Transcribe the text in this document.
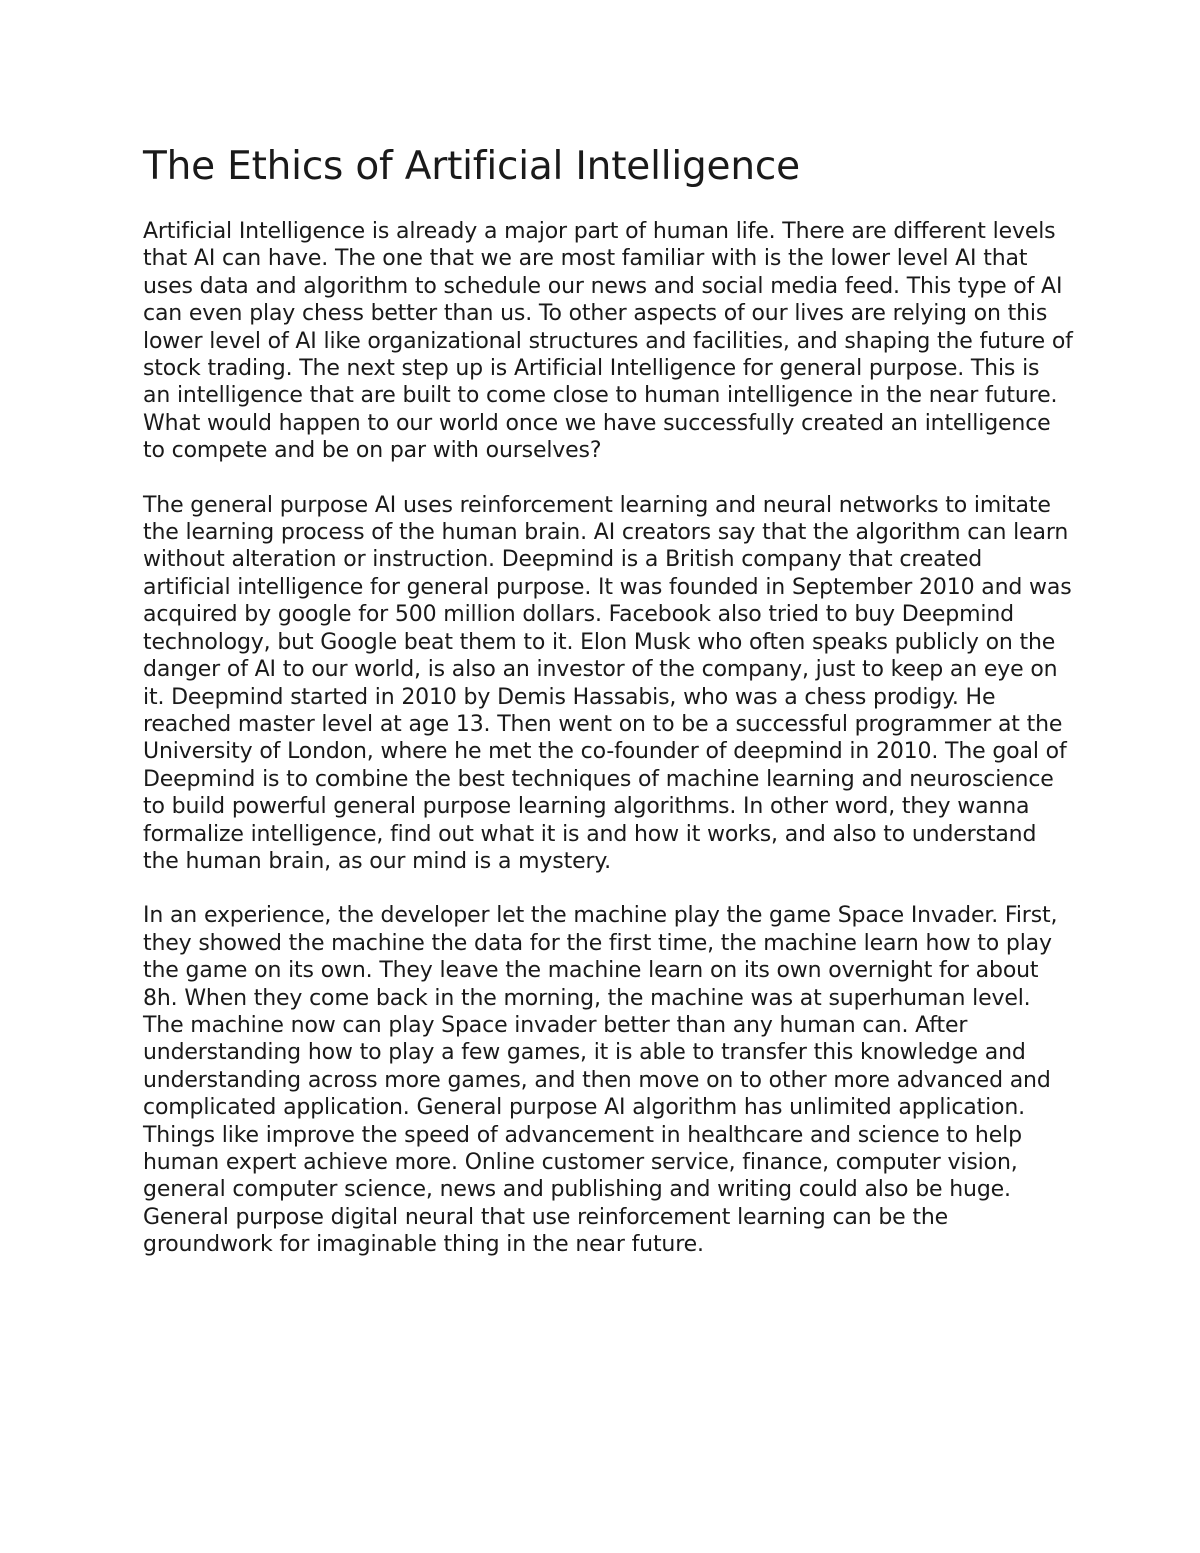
The Ethics of Artificial Intelligence

Artificial Intelligence is already a major part of human life. There are different levels that AI can have. The one that we are most familiar with is the lower level AI that uses data and algorithm to schedule our news and social media feed. This type of AI can even play chess better than us. To other aspects of our lives are relying on this lower level of AI like organizational structures and facilities, and shaping the future of stock trading. The next step up is Artificial Intelligence for general purpose. This is an intelligence that are built to come close to human intelligence in the near future. What would happen to our world once we have successfully created an intelligence to compete and be on par with ourselves?

The general purpose AI uses reinforcement learning and neural networks to imitate the learning process of the human brain. AI creators say that the algorithm can learn without alteration or instruction. Deepmind is a British company that created artificial intelligence for general purpose. It was founded in September 2010 and was acquired by google for 500 million dollars. Facebook also tried to buy Deepmind technology, but Google beat them to it. Elon Musk who often speaks publicly on the danger of AI to our world, is also an investor of the company, just to keep an eye on it. Deepmind started in 2010 by Demis Hassabis, who was a chess prodigy. He reached master level at age 13. Then went on to be a successful programmer at the University of London, where he met the co-founder of deepmind in 2010. The goal of Deepmind is to combine the best techniques of machine learning and neuroscience to build powerful general purpose learning algorithms. In other word, they wanna formalize intelligence, find out what it is and how it works, and also to understand the human brain, as our mind is a mystery.

In an experience, the developer let the machine play the game Space Invader. First, they showed the machine the data for the first time, the machine learn how to play the game on its own. They leave the machine learn on its own overnight for about 8h. When they come back in the morning, the machine was at superhuman level. The machine now can play Space invader better than any human can. After understanding how to play a few games, it is able to transfer this knowledge and understanding across more games, and then move on to other more advanced and complicated application. General purpose AI algorithm has unlimited application. Things like improve the speed of advancement in healthcare and science to help human expert achieve more. Online customer service, finance, computer vision, general computer science, news and publishing and writing could also be huge. General purpose digital neural that use reinforcement learning can be the groundwork for imaginable thing in the near future.
